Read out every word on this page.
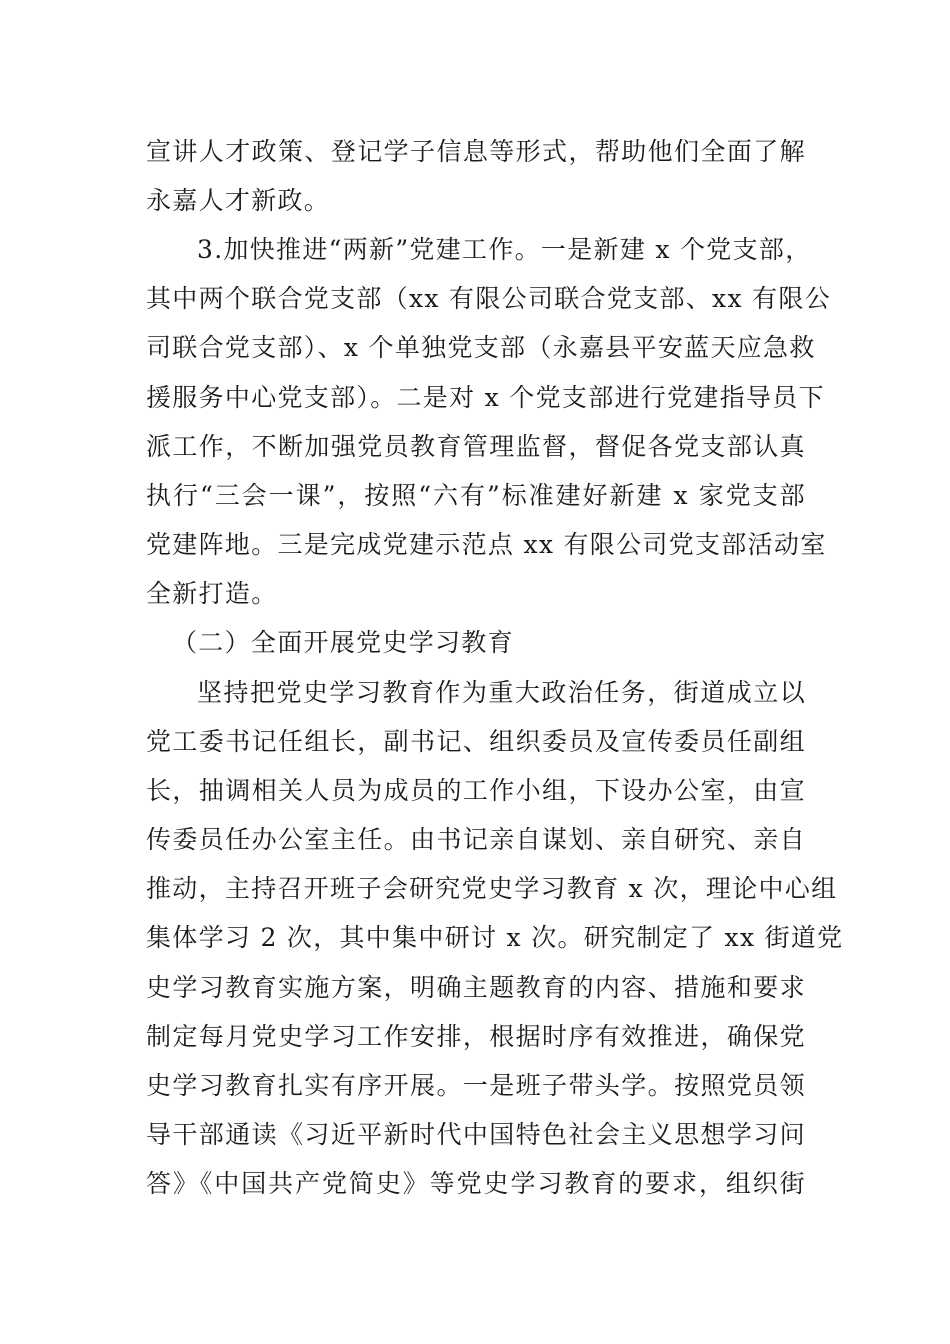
宣讲人才政策、登记学子信息等形式，帮助他们全面了解
永嘉人才新政。
3.加快推进“两新”党建工作。一是新建 x 个党支部，
其中两个联合党支部（xx 有限公司联合党支部、xx 有限公
司联合党支部）、x 个单独党支部（永嘉县平安蓝天应急救
援服务中心党支部）。二是对 x 个党支部进行党建指导员下
派工作，不断加强党员教育管理监督，督促各党支部认真
执行“三会一课”，按照“六有”标准建好新建 x 家党支部
党建阵地。三是完成党建示范点 xx 有限公司党支部活动室
全新打造。
（二）全面开展党史学习教育
坚持把党史学习教育作为重大政治任务，街道成立以
党工委书记任组长，副书记、组织委员及宣传委员任副组
长，抽调相关人员为成员的工作小组，下设办公室，由宣
传委员任办公室主任。由书记亲自谋划、亲自研究、亲自
推动，主持召开班子会研究党史学习教育 x 次，理论中心组
集体学习 2 次，其中集中研讨 x 次。研究制定了 xx 街道党
史学习教育实施方案，明确主题教育的内容、措施和要求
制定每月党史学习工作安排，根据时序有效推进，确保党
史学习教育扎实有序开展。一是班子带头学。按照党员领
导干部通读《习近平新时代中国特色社会主义思想学习问
答》《中国共产党简史》等党史学习教育的要求，组织街
